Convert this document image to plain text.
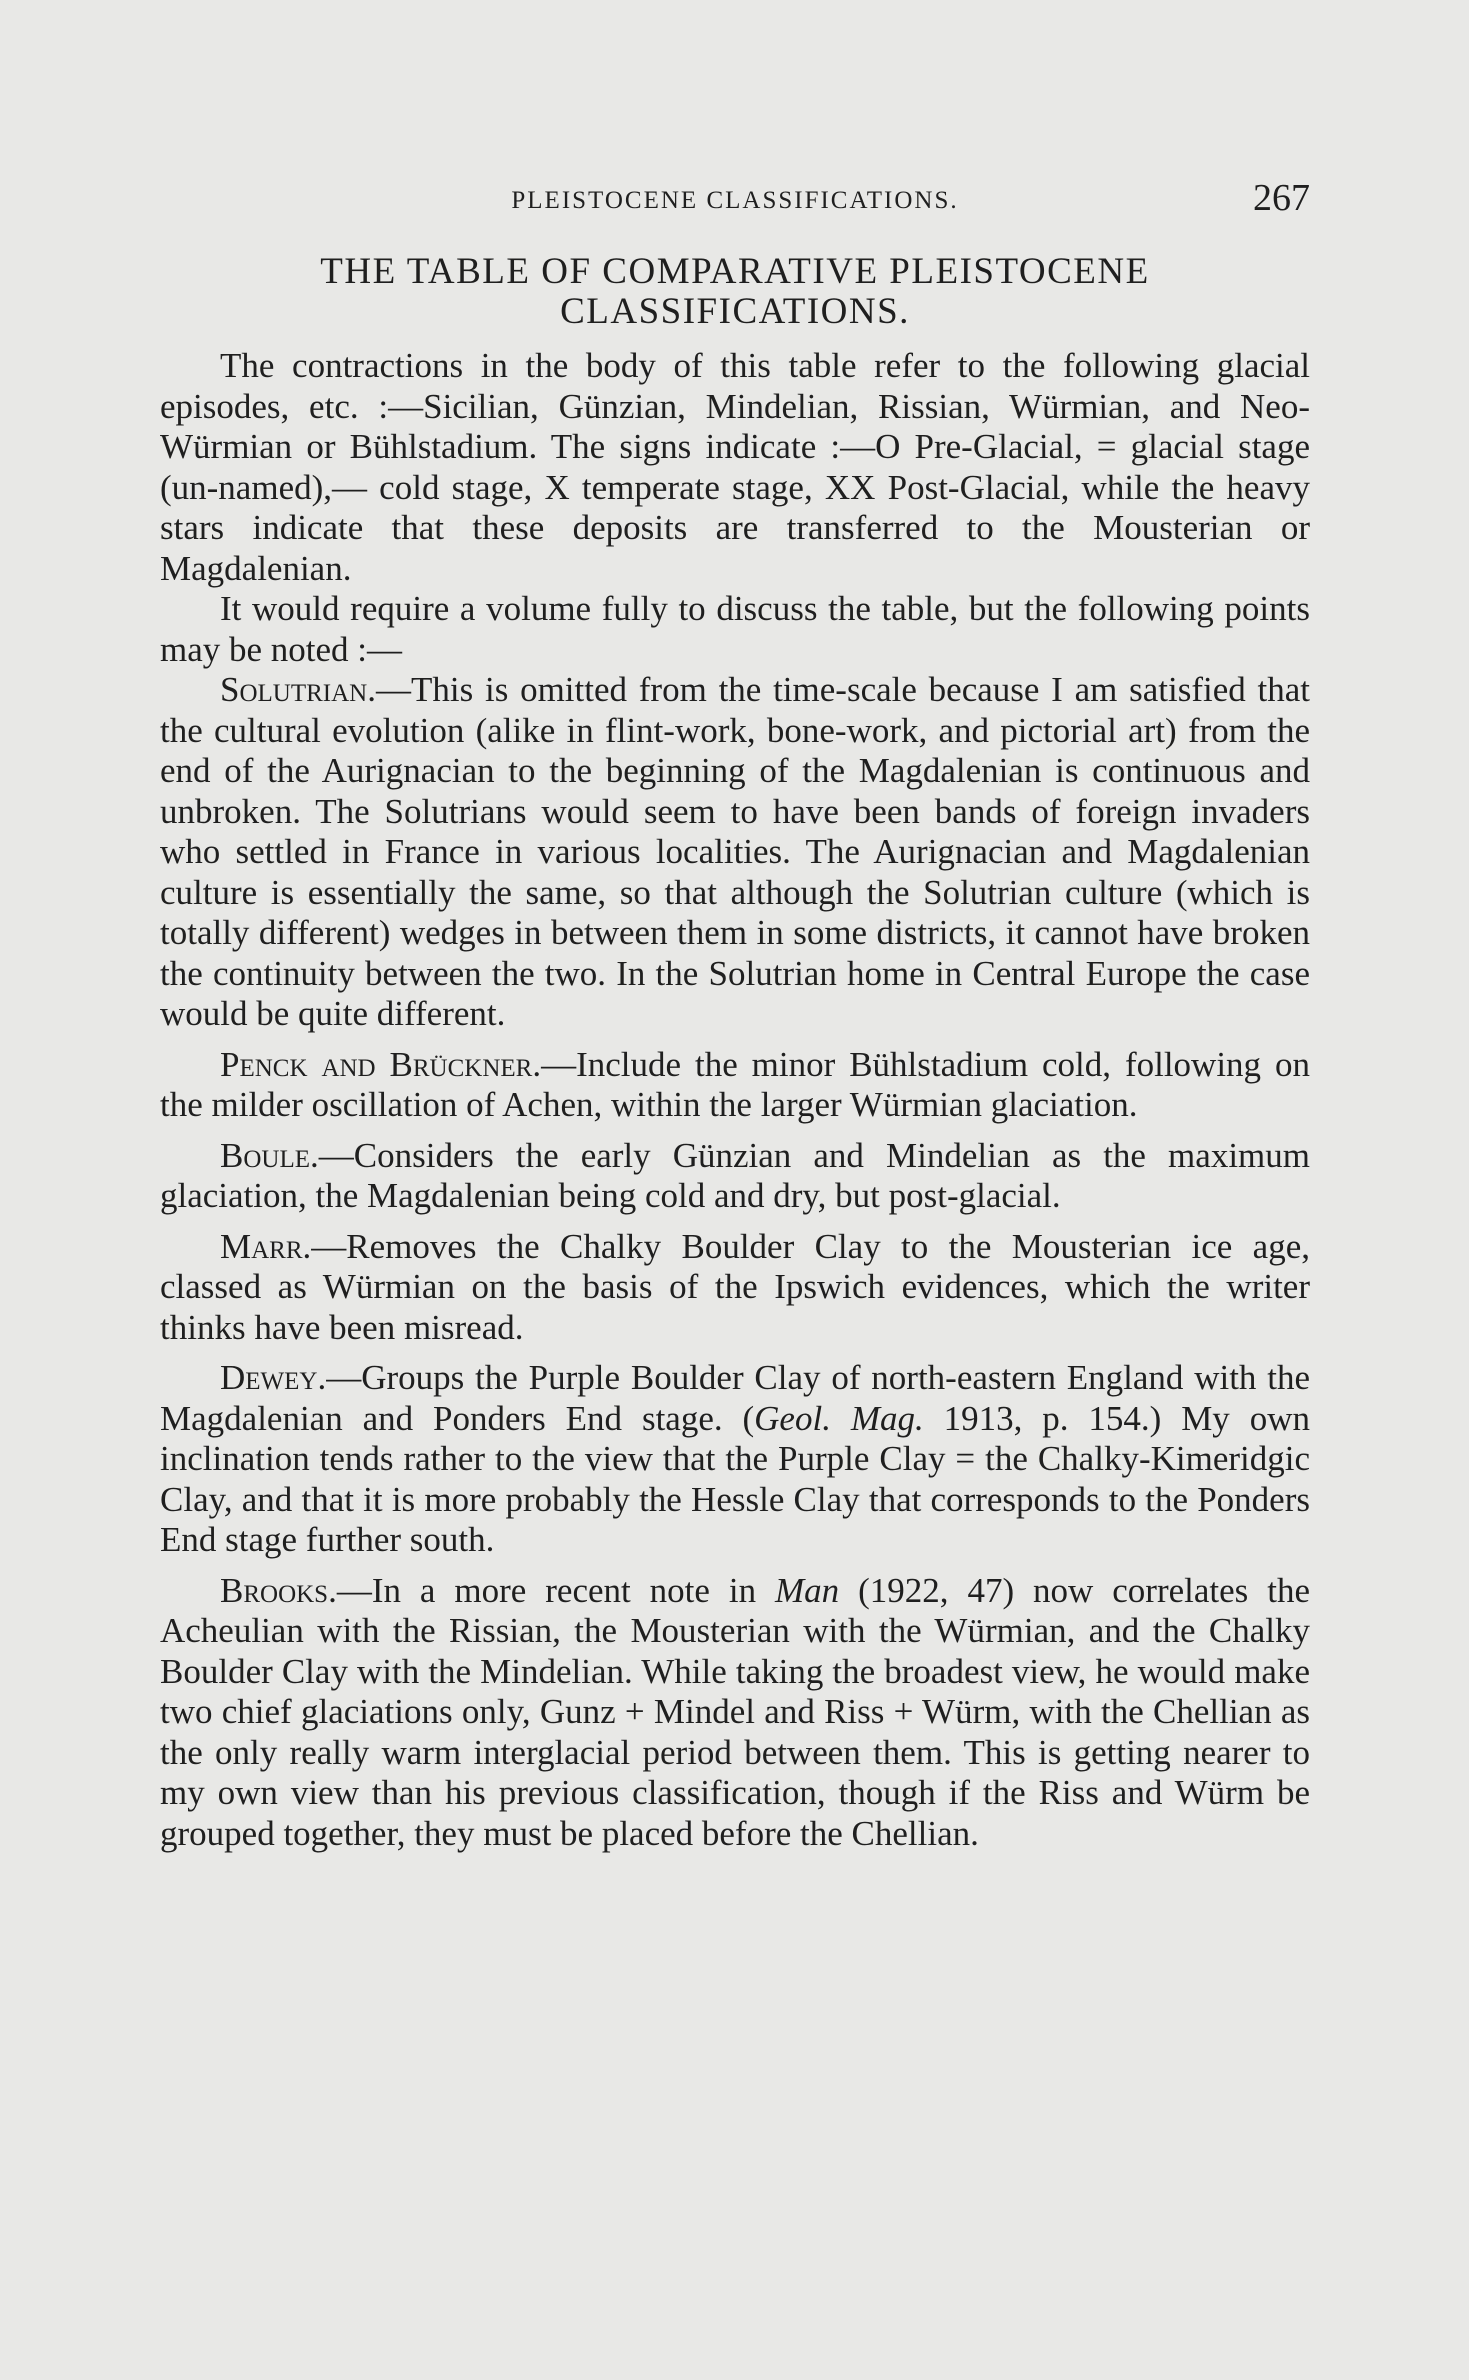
PLEISTOCENE CLASSIFICATIONS.	267
THE TABLE OF COMPARATIVE PLEISTOCENE
CLASSIFICATIONS.

The contractions in the body of this table refer to the following glacial episodes, etc. :—Sicilian, Günzian, Mindelian, Rissian, Würmian, and Neo-Würmian or Bühlstadium. The signs indicate :—O Pre-Glacial, = glacial stage (un-named),— cold stage, X temperate stage, XX Post-Glacial, while the heavy stars indicate that these deposits are transferred to the Mousterian or Magdalenian.

It would require a volume fully to discuss the table, but the following points may be noted :—

Solutrian.—This is omitted from the time-scale because I am satisfied that the cultural evolution (alike in flint-work, bone-work, and pictorial art) from the end of the Aurignacian to the beginning of the Magdalenian is continuous and unbroken. The Solutrians would seem to have been bands of foreign invaders who settled in France in various localities. The Aurignacian and Magdalenian culture is essentially the same, so that although the Solutrian culture (which is totally different) wedges in between them in some districts, it cannot have broken the continuity between the two. In the Solutrian home in Central Europe the case would be quite different.

Penck and Brückner.—Include the minor Bühlstadium cold, following on the milder oscillation of Achen, within the larger Würmian glaciation.

Boule.—Considers the early Günzian and Mindelian as the maximum glaciation, the Magdalenian being cold and dry, but post-glacial.

Marr.—Removes the Chalky Boulder Clay to the Mousterian ice age, classed as Würmian on the basis of the Ipswich evidences, which the writer thinks have been misread.

Dewey.—Groups the Purple Boulder Clay of north-eastern England with the Magdalenian and Ponders End stage. (Geol. Mag. 1913, p. 154.) My own inclination tends rather to the view that the Purple Clay = the Chalky-Kimeridgic Clay, and that it is more probably the Hessle Clay that corresponds to the Ponders End stage further south.

Brooks.—In a more recent note in Man (1922, 47) now correlates the Acheulian with the Rissian, the Mousterian with the Würmian, and the Chalky Boulder Clay with the Mindelian. While taking the broadest view, he would make two chief glaciations only, Gunz + Mindel and Riss + Würm, with the Chellian as the only really warm interglacial period between them. This is getting nearer to my own view than his previous classification, though if the Riss and Würm be grouped together, they must be placed before the Chellian.
